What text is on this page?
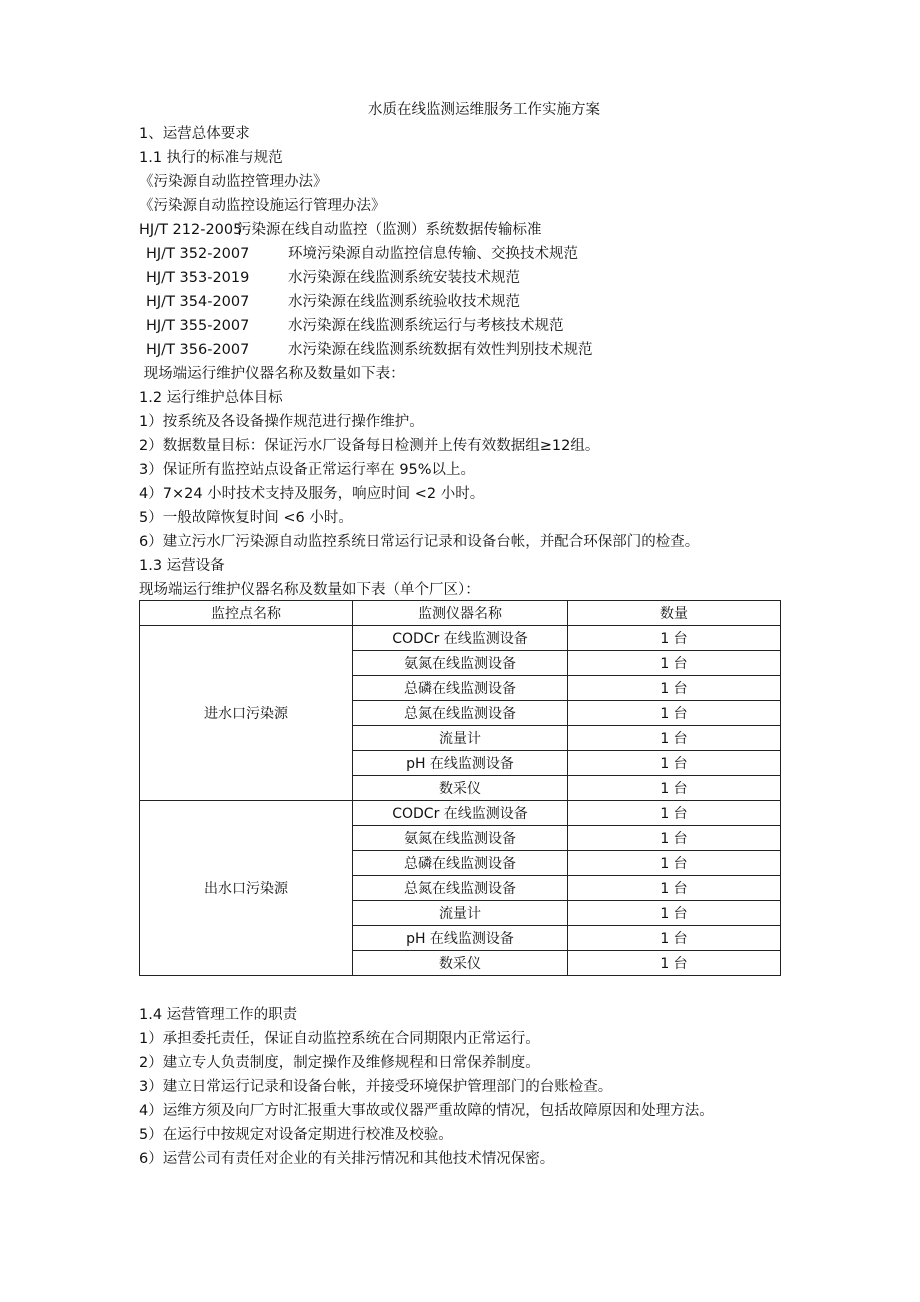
水质在线监测运维服务工作实施方案
1、运营总体要求
1.1 执行的标准与规范
《污染源自动监控管理办法》
《污染源自动监控设施运行管理办法》
HJ/T 212-2005污染源在线自动监控（监测）系统数据传输标准
HJ/T 352-2007	环境污染源自动监控信息传输、交换技术规范
HJ/T 353-2019	水污染源在线监测系统安装技术规范
HJ/T 354-2007	水污染源在线监测系统验收技术规范
HJ/T 355-2007	水污染源在线监测系统运行与考核技术规范
HJ/T 356-2007	水污染源在线监测系统数据有效性判别技术规范
现场端运行维护仪器名称及数量如下表：
1.2 运行维护总体目标
1）按系统及各设备操作规范进行操作维护。
2）数据数量目标：保证污水厂设备每日检测并上传有效数据组≥12组。
3）保证所有监控站点设备正常运行率在 95%以上。
4）7×24 小时技术支持及服务，响应时间 <2 小时。
5）一般故障恢复时间 <6 小时。
6）建立污水厂污染源自动监控系统日常运行记录和设备台帐，并配合环保部门的检查。
1.3 运营设备
现场端运行维护仪器名称及数量如下表（单个厂区）：
监控点名称	监测仪器名称	数量
进水口污染源	CODCr 在线监测设备	1 台
	氨氮在线监测设备	1 台
	总磷在线监测设备	1 台
	总氮在线监测设备	1 台
	流量计	1 台
	pH 在线监测设备	1 台
	数采仪	1 台
出水口污染源	CODCr 在线监测设备	1 台
	氨氮在线监测设备	1 台
	总磷在线监测设备	1 台
	总氮在线监测设备	1 台
	流量计	1 台
	pH 在线监测设备	1 台
	数采仪	1 台
1.4 运营管理工作的职责
1）承担委托责任，保证自动监控系统在合同期限内正常运行。
2）建立专人负责制度，制定操作及维修规程和日常保养制度。
3）建立日常运行记录和设备台帐，并接受环境保护管理部门的台账检查。
4）运维方须及向厂方时汇报重大事故或仪器严重故障的情况，包括故障原因和处理方法。
5）在运行中按规定对设备定期进行校准及校验。
6）运营公司有责任对企业的有关排污情况和其他技术情况保密。
